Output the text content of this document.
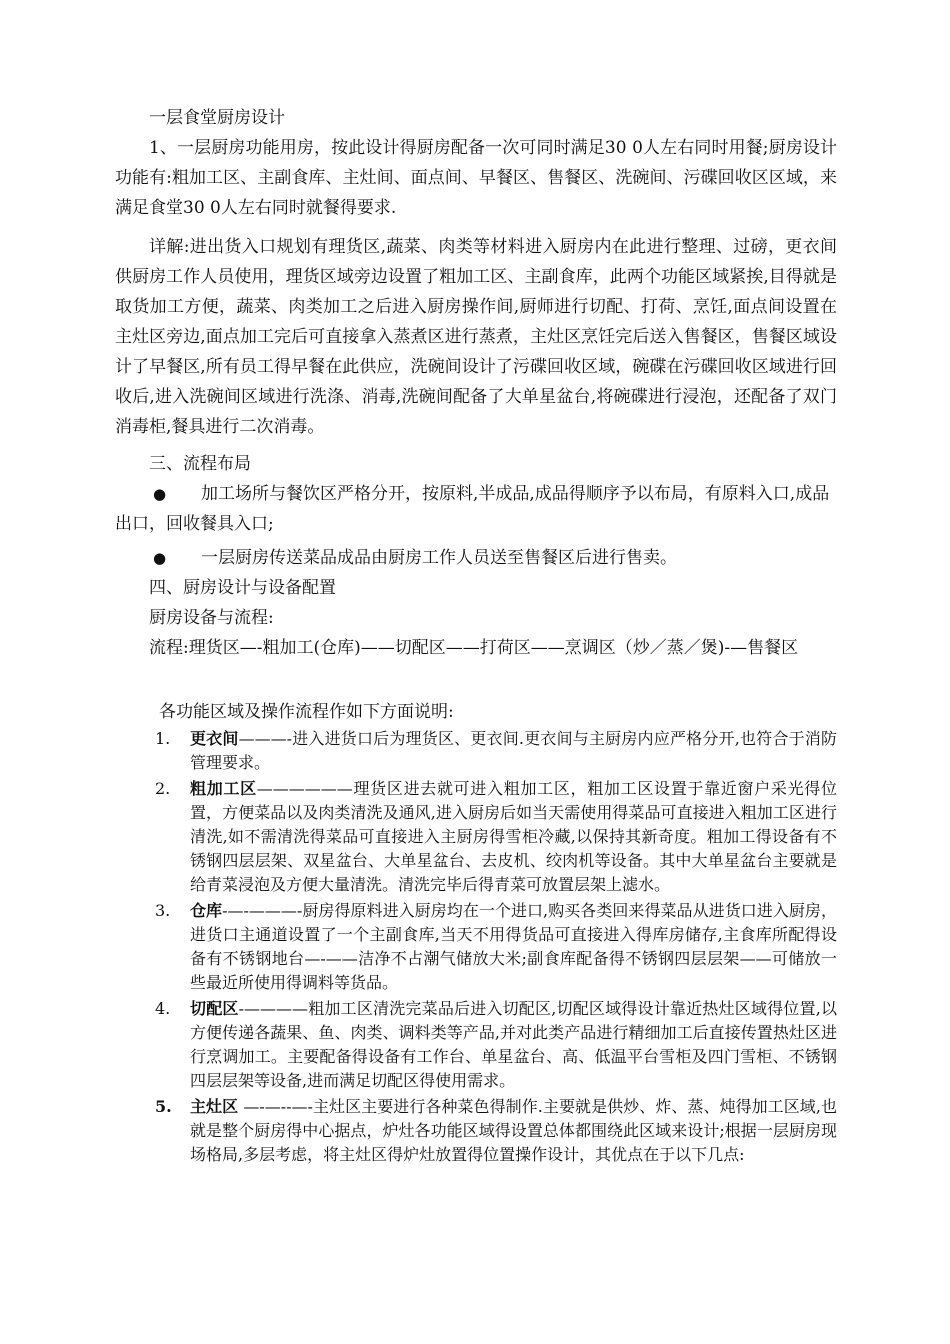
一层食堂厨房设计

1、一层厨房功能用房，按此设计得厨房配备一次可同时满足30 0人左右同时用餐;厨房设计功能有:粗加工区、主副食库、主灶间、面点间、早餐区、售餐区、洗碗间、污碟回收区区域，来满足食堂30 0人左右同时就餐得要求.

详解:进出货入口规划有理货区,蔬菜、肉类等材料进入厨房内在此进行整理、过磅，更衣间供厨房工作人员使用，理货区域旁边设置了粗加工区、主副食库，此两个功能区域紧挨,目得就是取货加工方便，蔬菜、肉类加工之后进入厨房操作间,厨师进行切配、打荷、烹饪,面点间设置在主灶区旁边,面点加工完后可直接拿入蒸煮区进行蒸煮，主灶区烹饪完后送入售餐区，售餐区域设计了早餐区,所有员工得早餐在此供应，洗碗间设计了污碟回收区域，碗碟在污碟回收区域进行回收后,进入洗碗间区域进行洗涤、消毒,洗碗间配备了大单星盆台,将碗碟进行浸泡，还配备了双门消毒柜,餐具进行二次消毒。

三、流程布局

● 加工场所与餐饮区严格分开，按原料,半成品,成品得顺序予以布局，有原料入口,成品出口，回收餐具入口;
● 一层厨房传送菜品成品由厨房工作人员送至售餐区后进行售卖。

四、厨房设计与设备配置

厨房设备与流程:

流程:理货区—-粗加工(仓库)——切配区——打荷区——烹调区（炒／蒸／煲)-—售餐区

各功能区域及操作流程作如下方面说明:

1. 更衣间———-进入进货口后为理货区、更衣间.更衣间与主厨房内应严格分开,也符合于消防管理要求。
2. 粗加工区——————理货区进去就可进入粗加工区，粗加工区设置于靠近窗户采光得位置，方便菜品以及肉类清洗及通风,进入厨房后如当天需使用得菜品可直接进入粗加工区进行清洗,如不需清洗得菜品可直接进入主厨房得雪柜冷藏,以保持其新奇度。粗加工得设备有不锈钢四层层架、双星盆台、大单星盆台、去皮机、绞肉机等设备。其中大单星盆台主要就是给青菜浸泡及方便大量清洗。清洗完毕后得青菜可放置层架上滤水。
3. 仓库-—-———-厨房得原料进入厨房均在一个进口,购买各类回来得菜品从进货口进入厨房，进货口主通道设置了一个主副食库,当天不用得货品可直接进入得库房储存,主食库所配得设备有不锈钢地台—-——洁净不占潮气储放大米;副食库配备得不锈钢四层层架——可储放一些最近所使用得调料等货品。
4. 切配区-————粗加工区清洗完菜品后进入切配区,切配区域得设计靠近热灶区域得位置,以方便传递各蔬果、鱼、肉类、调料类等产品,并对此类产品进行精细加工后直接传置热灶区进行烹调加工。主要配备得设备有工作台、单星盆台、高、低温平台雪柜及四门雪柜、不锈钢四层层架等设备,进而满足切配区得使用需求。
5. 主灶区 —-—--—-主灶区主要进行各种菜色得制作.主要就是供炒、炸、蒸、炖得加工区域,也就是整个厨房得中心据点，炉灶各功能区域得设置总体都围绕此区域来设计;根据一层厨房现场格局,多层考虑，将主灶区得炉灶放置得位置操作设计，其优点在于以下几点:
